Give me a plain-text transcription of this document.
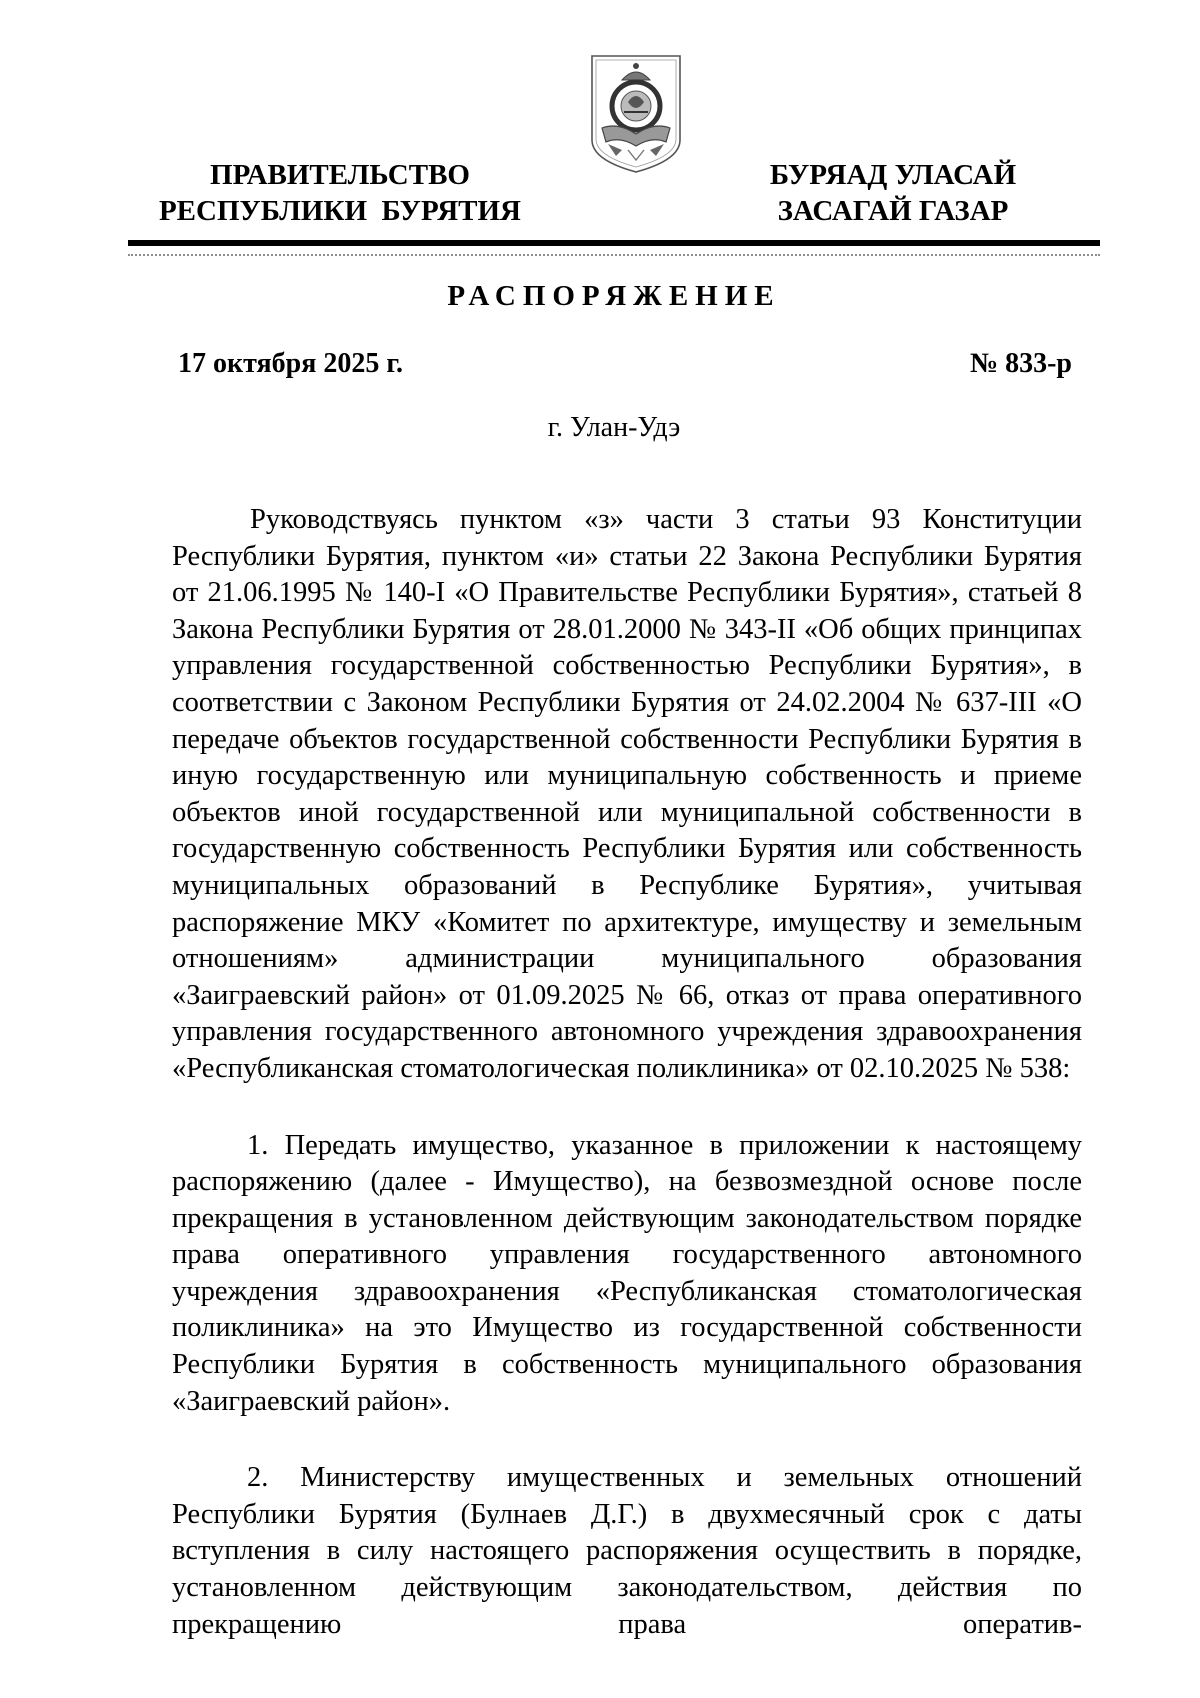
ПРАВИТЕЛЬСТВО
РЕСПУБЛИКИ  БУРЯТИЯ
БУРЯАД УЛАСАЙ
ЗАСАГАЙ ГАЗАР
РАСПОРЯЖЕНИЕ
17 октября 2025 г.	№ 833-р
г. Улан-Удэ

Руководствуясь пунктом «з» части 3 статьи 93 Конституции Республики Бурятия, пунктом «и» статьи 22 Закона Республики Бурятия от 21.06.1995 № 140-I «О Правительстве Республики Бурятия», статьей 8 Закона Республики Бурятия от 28.01.2000 № 343-II «Об общих принципах управления государственной собственностью Республики Бурятия», в соответствии с Законом Республики Бурятия от 24.02.2004 № 637-III «О передаче объектов государственной собственности Республики Бурятия в иную государственную или муниципальную собственность и приеме объектов иной государственной или муниципальной собственности в государственную собственность Республики Бурятия или собственность муниципальных образований в Республике Бурятия», учитывая распоряжение МКУ «Комитет по архитектуре, имуществу и земельным отношениям» администрации муниципального образования «Заиграевский район» от 01.09.2025 № 66, отказ от права оперативного управления государственного автономного учреждения здравоохранения «Республиканская стоматологическая поликлиника» от 02.10.2025 № 538:

1. Передать имущество, указанное в приложении к настоящему распоряжению (далее - Имущество), на безвозмездной основе после прекращения в установленном действующим законодательством порядке права оперативного управления государственного автономного учреждения здравоохранения «Республиканская стоматологическая поликлиника» на это Имущество из государственной собственности Республики Бурятия в собственность муниципального образования «Заиграевский район».

2. Министерству имущественных и земельных отношений Республики Бурятия (Булнаев Д.Г.) в двухмесячный срок с даты вступления в силу настоящего распоряжения осуществить в порядке, установленном действующим законодательством, действия по прекращению права оператив-
